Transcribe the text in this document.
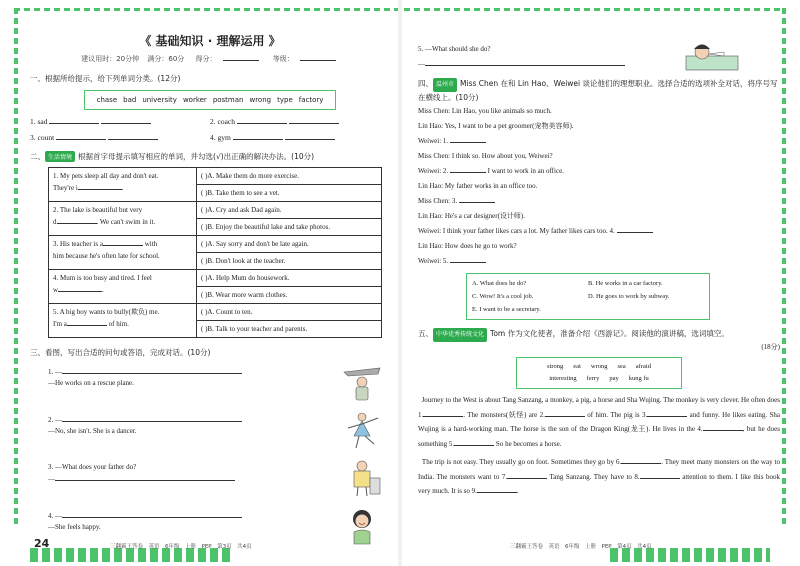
《 基础知识 · 理解运用 》
建议用时：20分钟 满分：60分 得分：	等级：
一、根据所给提示，给下列单词分类。(12分)
chase bad university worker postman wrong type factory
1. sad	2. coach
3. count	4. gym
二、 生活情境 根据首字母提示填写相应的单词，并勾选(√)出正确的解决办法。(10分)
1. My pets sleep all day and don't eat.
They're i .	( )A. Make them do more exercise.
	( )B. Take them to see a vet.
2. The lake is beautiful but very
d . We can't swim in it.	( )A. Cry and ask Dad again.
	( )B. Enjoy the beautiful lake and take photos.
3. His teacher is a with
him because he's often late for school.	( )A. Say sorry and don't be late again.
	( )B. Don't look at the teacher.
4. Mum is too busy and tired. I feel
w .	( )A. Help Mum do housework.
	( )B. Wear more warm clothes.
5. A big boy wants to bully(欺负) me.
I'm a of him.	( )A. Count to ten.
	( )B. Talk to your teacher and parents.
三、看图，写出合适的问句或答语，完成对话。(10分)
1. —
—He works on a rescue plane.
2. —
—No, she isn't. She is a dancer.
3. —What does your father do?
—
4. —
—She feels happy.
24	三翻霸王答卷　英语　6年级　上册　PEP　第3页　共4页
5. —What should she do?
—
四、 温州市 Miss Chen 在和 Lin Hao、Weiwei 谈论他们的理想职业。选择合适的选项补全对话，将序号写在横线上。(10分)
Miss Chen: Lin Hao, you like animals so much.
Lin Hao: Yes, I want to be a pet groomer(宠物美容师).
Weiwei: 1.
Miss Chen: I think so. How about you, Weiwei?
Weiwei: 2.	I want to work in an office.
Lin Hao: My father works in an office too.
Miss Chen: 3.
Lin Hao: He's a car designer(设计师).
Weiwei: I think your father likes cars a lot. My father likes cars too. 4.
Lin Hao: How does he go to work?
Weiwei: 5.
A. What does he do?	B. He works in a car factory.
C. Wow! It's a cool job.	D. He goes to work by subway.
E. I want to be a secretary.
五、 中华优秀传统文化 Tom 作为文化使者，准备介绍《西游记》。阅读他的演讲稿，选词填空。
(18分)
strong eat wrong sea afraid
interesting ferry pay kung fu
Journey to the West is about Tang Sanzang, a monkey, a pig, a horse and Sha Wujing. The monkey is very clever. He often does 1.	. The monsters(妖怪) are 2.	of him. The pig is 3.	and funny. He likes eating. Sha Wujing is a hard-working man. The horse is the son of the Dragon King(龙王). He lives in the 4.	, but he does something 5.	So he becomes a horse.
The trip is not easy. They usually go on foot. Sometimes they go by 6.	. They meet many monsters on the way to India. The monsters want to 7.	Tang Sanzang. They have to 8.	attention to them. I like this book very much. It is so 9.	.
三翻霸王答卷　英语　6年级　上册　PEP　第4页　共4页
